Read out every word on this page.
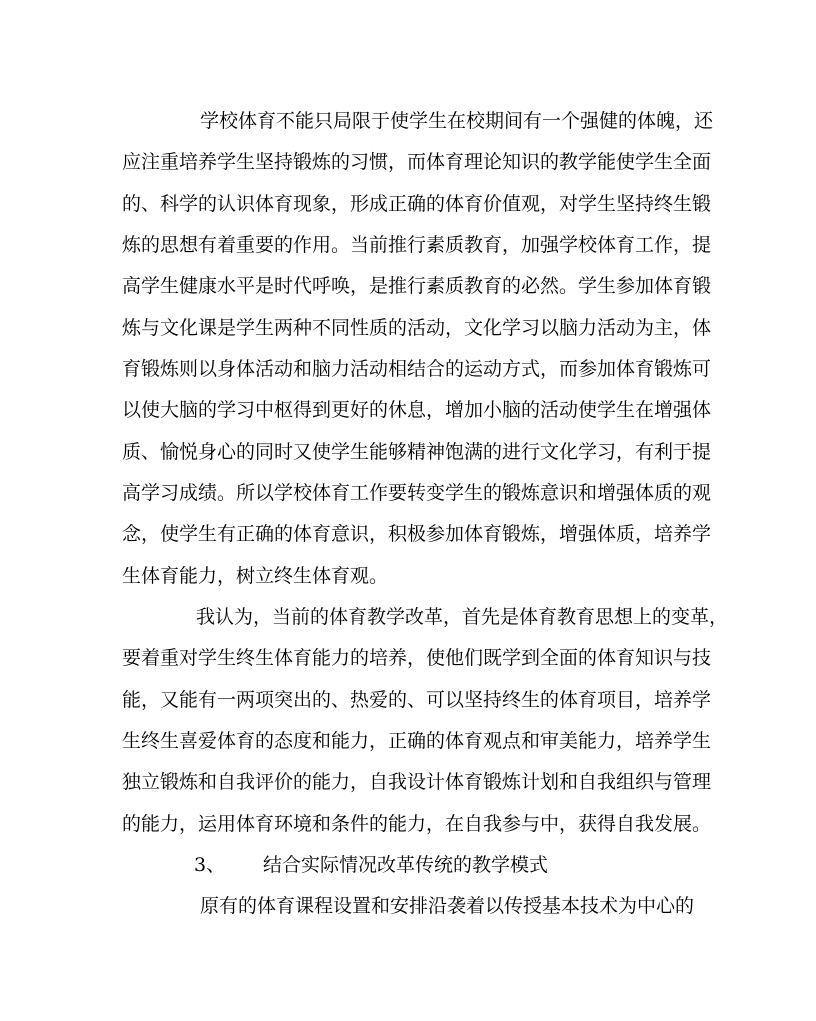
学校体育不能只局限于使学生在校期间有一个强健的体魄，还
应注重培养学生坚持锻炼的习惯，而体育理论知识的教学能使学生全面
的、科学的认识体育现象，形成正确的体育价值观，对学生坚持终生锻
炼的思想有着重要的作用。当前推行素质教育，加强学校体育工作，提
高学生健康水平是时代呼唤，是推行素质教育的必然。学生参加体育锻
炼与文化课是学生两种不同性质的活动，文化学习以脑力活动为主，体
育锻炼则以身体活动和脑力活动相结合的运动方式，而参加体育锻炼可
以使大脑的学习中枢得到更好的休息，增加小脑的活动使学生在增强体
质、愉悦身心的同时又使学生能够精神饱满的进行文化学习，有利于提
高学习成绩。所以学校体育工作要转变学生的锻炼意识和增强体质的观
念，使学生有正确的体育意识，积极参加体育锻炼，增强体质，培养学
生体育能力，树立终生体育观。
我认为，当前的体育教学改革，首先是体育教育思想上的变革，
要着重对学生终生体育能力的培养，使他们既学到全面的体育知识与技
能，又能有一两项突出的、热爱的、可以坚持终生的体育项目，培养学
生终生喜爱体育的态度和能力，正确的体育观点和审美能力，培养学生
独立锻炼和自我评价的能力，自我设计体育锻炼计划和自我组织与管理
的能力，运用体育环境和条件的能力，在自我参与中，获得自我发展。
3、 结合实际情况改革传统的教学模式
原有的体育课程设置和安排沿袭着以传授基本技术为中心的
